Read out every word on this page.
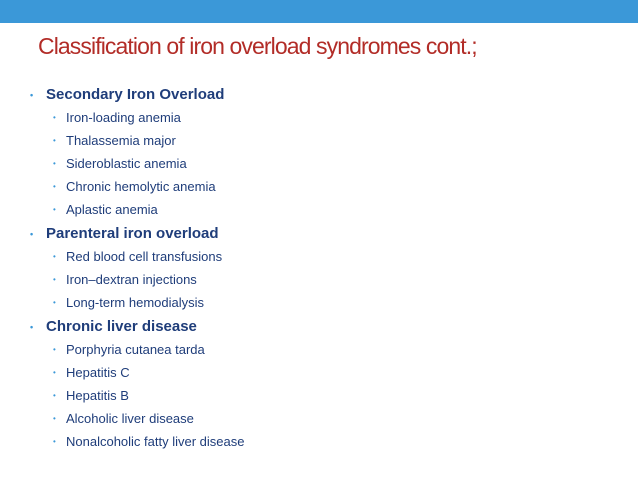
Classification of iron overload syndromes cont.;
• Secondary Iron Overload
• Iron-loading anemia
• Thalassemia major
• Sideroblastic anemia
• Chronic hemolytic anemia
• Aplastic anemia
• Parenteral iron overload
• Red blood cell transfusions
• Iron–dextran injections
• Long-term hemodialysis
• Chronic liver disease
• Porphyria cutanea tarda
• Hepatitis C
• Hepatitis B
• Alcoholic liver disease
• Nonalcoholic fatty liver disease
